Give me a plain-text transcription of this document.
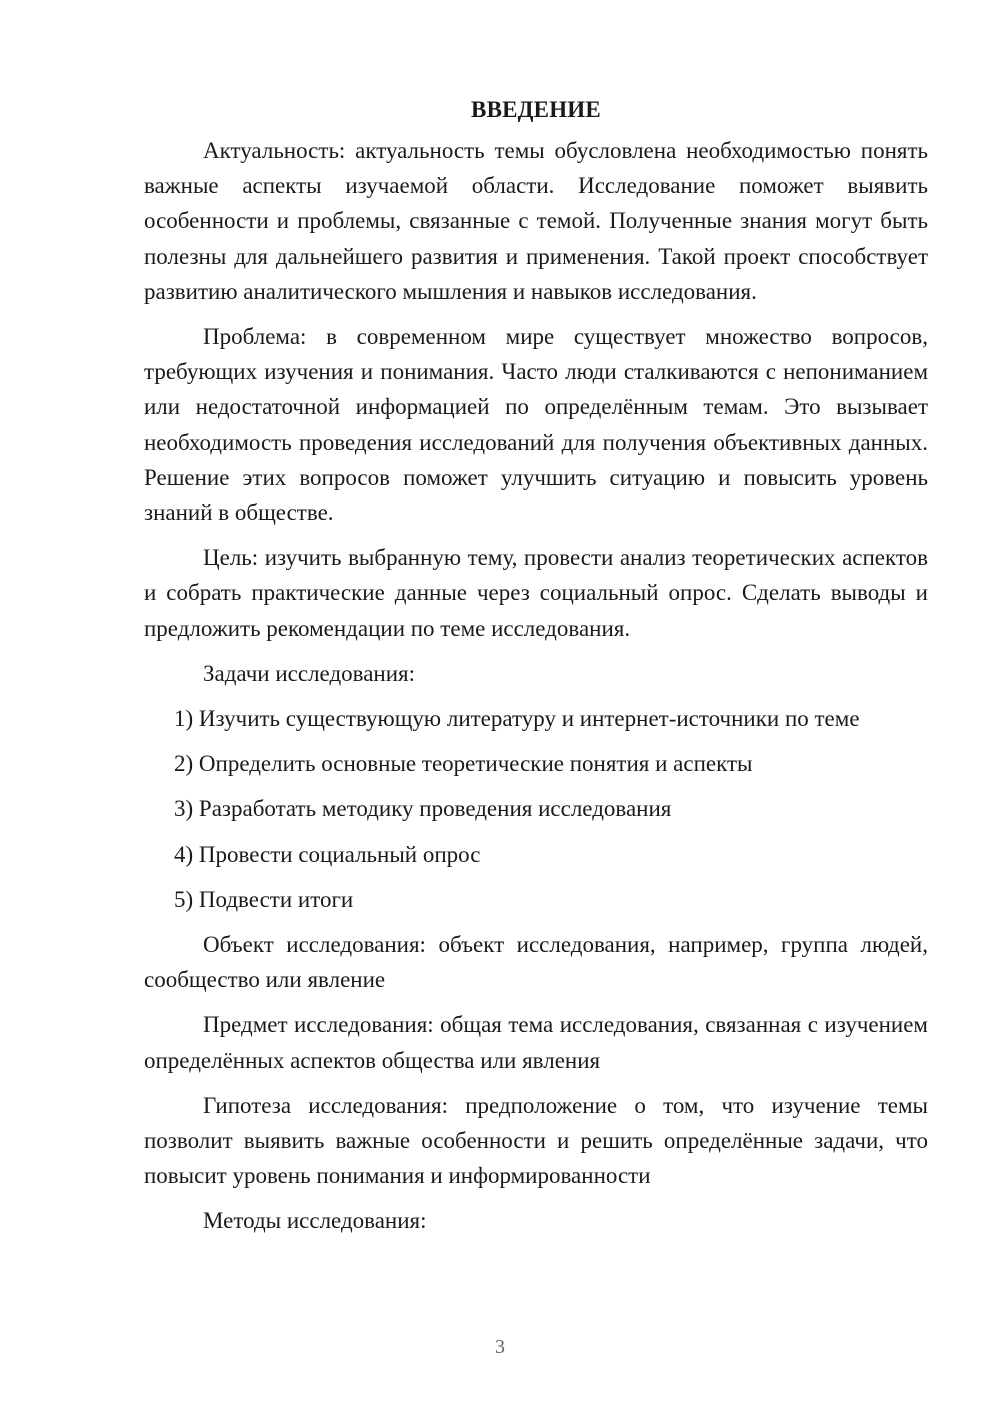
ВВЕДЕНИЕ

Актуальность: актуальность темы обусловлена необходимостью понять важные аспекты изучаемой области. Исследование поможет выявить особенности и проблемы, связанные с темой. Полученные знания могут быть полезны для дальнейшего развития и применения. Такой проект способствует развитию аналитического мышления и навыков исследования.

Проблема: в современном мире существует множество вопросов, требующих изучения и понимания. Часто люди сталкиваются с непониманием или недостаточной информацией по определённым темам. Это вызывает необходимость проведения исследований для получения объективных данных. Решение этих вопросов поможет улучшить ситуацию и повысить уровень знаний в обществе.

Цель: изучить выбранную тему, провести анализ теоретических аспектов и собрать практические данные через социальный опрос. Сделать выводы и предложить рекомендации по теме исследования.

Задачи исследования:

1) Изучить существующую литературу и интернет-источники по теме

2) Определить основные теоретические понятия и аспекты

3) Разработать методику проведения исследования

4) Провести социальный опрос

5) Подвести итоги

Объект исследования: объект исследования, например, группа людей, сообщество или явление

Предмет исследования: общая тема исследования, связанная с изучением определённых аспектов общества или явления

Гипотеза исследования: предположение о том, что изучение темы позволит выявить важные особенности и решить определённые задачи, что повысит уровень понимания и информированности

Методы исследования:

3
